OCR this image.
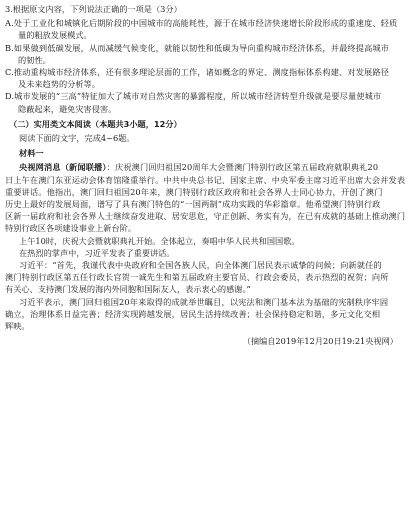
3.根据原文内容，下列说法正确的一项是（3分）

A.处于工业化和城镇化后期阶段的中国城市的高能耗性，源于在城市经济快速增长阶段形成的重速度、轻质

量的粗放发展模式。

B.如果做到低碳发展，从而减缓气候变化，就能以韧性和低碳为导向重构城市经济体系，并最终提高城市

的韧性。

C.推动重构城市经济体系，还有很多理论层面的工作，诸如概念的界定、测度指标体系构建、对发展路径

及未来趋势的分析等。

D.城市发展的“三高”特征加大了城市对自然灾害的暴露程度，所以城市经济转型升级就是要尽量使城市

隐蔽起来，避免灾害侵害。

（二）实用类文本阅读（本题共3小题，12分）

阅读下面的文字，完成4~6题。

材料一

央视网消息（新闻联播）：庆祝澳门回归祖国20周年大会暨澳门特别行政区第五届政府就职典礼20

日上午在澳门东亚运动会体育馆隆重举行。中共中央总书记、国家主席、中央军委主席习近平出席大会并发表

重要讲话。他指出，澳门回归祖国20年来，澳门特别行政区政府和社会各界人士同心协力，开创了澳门

历史上最好的发展局面，谱写了具有澳门特色的“一国两制”成功实践的华彩篇章。他希望澳门特别行政

区新一届政府和社会各界人士继续奋发进取、居安思危，守正创新、务实有为，在已有成就的基础上推动澳门

特别行政区各项建设事业上新台阶。

上午10时，庆祝大会暨就职典礼开始。全体起立，奏唱中华人民共和国国歌。

在热烈的掌声中，习近平发表了重要讲话。

习近平：“首先，我谨代表中央政府和全国各族人民，向全体澳门居民表示诚挚的问候；向新就任的

澳门特别行政区第五任行政长官贺一诚先生和第五届政府主要官员、行政会委员，表示热烈的祝贺；向所

有关心、支持澳门发展的海内外同胞和国际友人，表示衷心的感谢。”

习近平表示，澳门回归祖国20年来取得的成就举世瞩目，以宪法和澳门基本法为基础的宪制秩序牢固

确立，治理体系日益完善；经济实现跨越发展，居民生活持续改善；社会保持稳定和谐，多元文化交相

辉映。

（摘编自2019年12月20日19:21央视网）
